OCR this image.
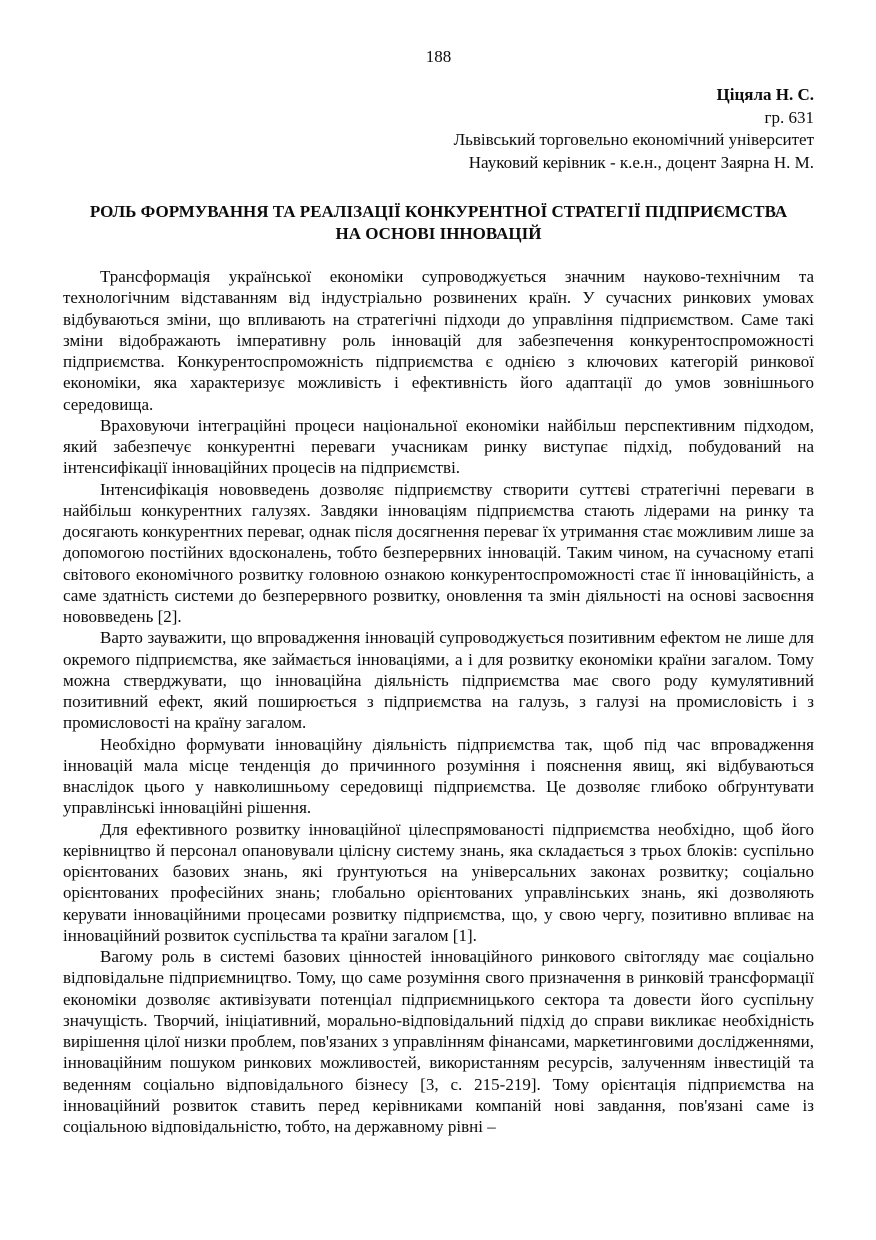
188
Ціцяла Н. С.
гр. 631
Львівський торговельно економічний університет
Науковий керівник - к.е.н., доцент Заярна Н. М.
РОЛЬ ФОРМУВАННЯ ТА РЕАЛІЗАЦІЇ КОНКУРЕНТНОЇ СТРАТЕГІЇ ПІДПРИЄМСТВА НА ОСНОВІ ІННОВАЦІЙ

Трансформація української економіки супроводжується значним науково-технічним та технологічним відставанням від індустріально розвинених країн. У сучасних ринкових умовах відбуваються зміни, що впливають на стратегічні підходи до управління підприємством. Саме такі зміни відображають імперативну роль інновацій для забезпечення конкурентоспроможності підприємства. Конкурентоспроможність підприємства є однією з ключових категорій ринкової економіки, яка характеризує можливість і ефективність його адаптації до умов зовнішнього середовища.

Враховуючи інтеграційні процеси національної економіки найбільш перспективним підходом, який забезпечує конкурентні переваги учасникам ринку виступає підхід, побудований на інтенсифікації інноваційних процесів на підприємстві.

Інтенсифікація нововведень дозволяє підприємству створити суттєві стратегічні переваги в найбільш конкурентних галузях. Завдяки інноваціям підприємства стають лідерами на ринку та досягають конкурентних переваг, однак після досягнення переваг їх утримання стає можливим лише за допомогою постійних вдосконалень, тобто безперервних інновацій. Таким чином, на сучасному етапі світового економічного розвитку головною ознакою конкурентоспроможності стає її інноваційність, а саме здатність системи до безперервного розвитку, оновлення та змін діяльності на основі засвоєння нововведень [2].

Варто зауважити, що впровадження інновацій супроводжується позитивним ефектом не лише для окремого підприємства, яке займається інноваціями, а і для розвитку економіки країни загалом. Тому можна стверджувати, що інноваційна діяльність підприємства має свого роду кумулятивний позитивний ефект, який поширюється з підприємства на галузь, з галузі на промисловість і з промисловості на країну загалом.

Необхідно формувати інноваційну діяльність підприємства так, щоб під час впровадження інновацій мала місце тенденція до причинного розуміння і пояснення явищ, які відбуваються внаслідок цього у навколишньому середовищі підприємства. Це дозволяє глибоко обґрунтувати управлінські інноваційні рішення.

Для ефективного розвитку інноваційної цілеспрямованості підприємства необхідно, щоб його керівництво й персонал опановували цілісну систему знань, яка складається з трьох блоків: суспільно орієнтованих базових знань, які ґрунтуються на універсальних законах розвитку; соціально орієнтованих професійних знань; глобально орієнтованих управлінських знань, які дозволяють керувати інноваційними процесами розвитку підприємства, що, у свою чергу, позитивно впливає на інноваційний розвиток суспільства та країни загалом [1].

Вагому роль в системі базових цінностей інноваційного ринкового світогляду має соціально відповідальне підприємництво. Тому, що саме розуміння свого призначення в ринковій трансформації економіки дозволяє активізувати потенціал підприємницького сектора та довести його суспільну значущість. Творчий, ініціативний, морально-відповідальний підхід до справи викликає необхідність вирішення цілої низки проблем, пов'язаних з управлінням фінансами, маркетинговими дослідженнями, інноваційним пошуком ринкових можливостей, використанням ресурсів, залученням інвестицій та веденням соціально відповідального бізнесу [3, с. 215-219]. Тому орієнтація підприємства на інноваційний розвиток ставить перед керівниками компаній нові завдання, пов'язані саме із соціальною відповідальністю, тобто, на державному рівні –
